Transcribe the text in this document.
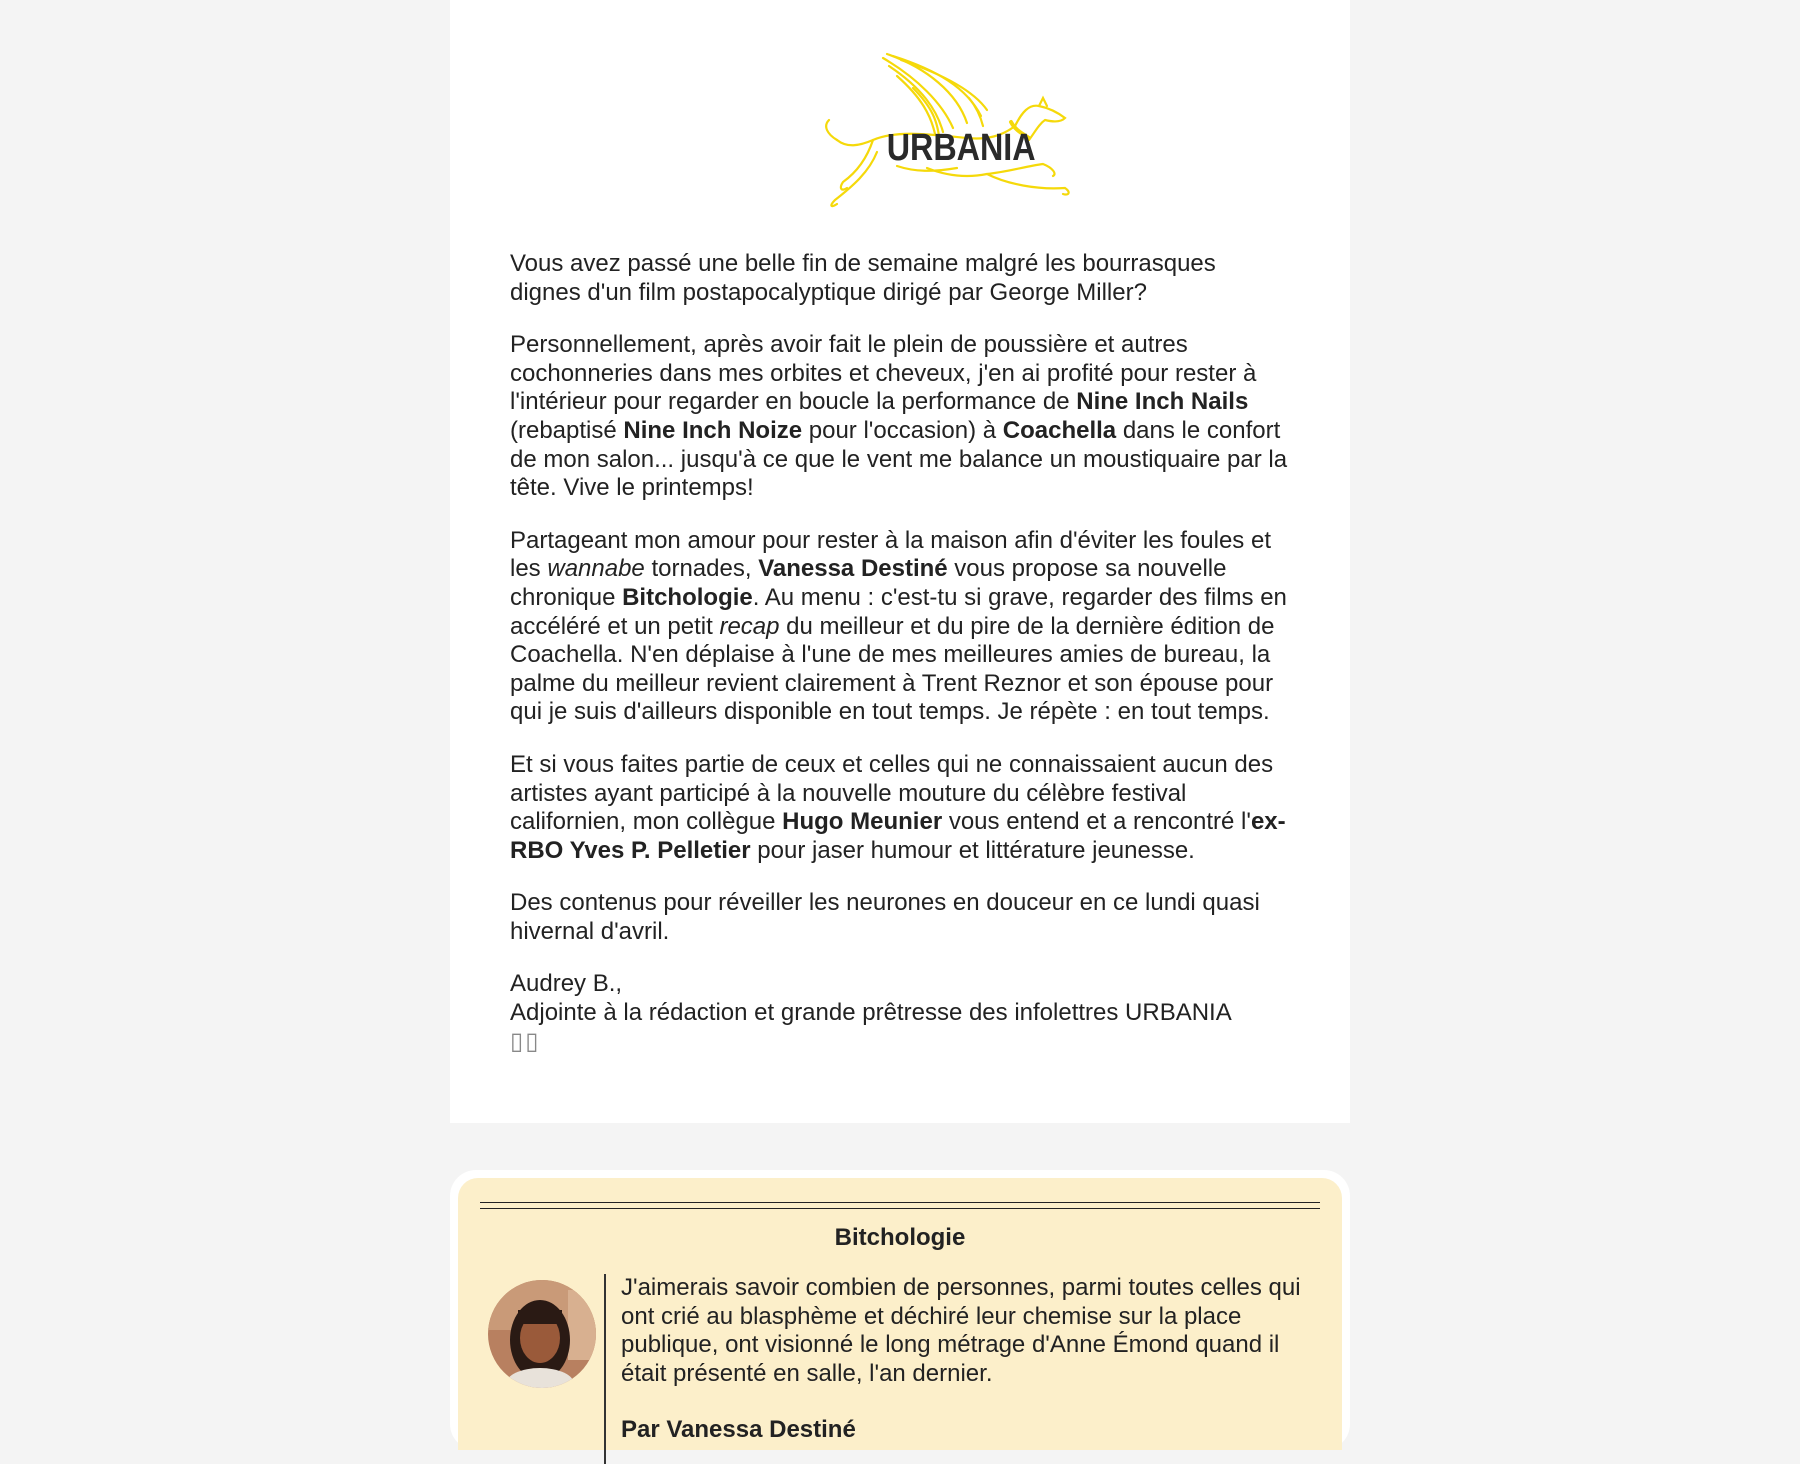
URBANIA

Vous avez passé une belle fin de semaine malgré les bourrasques dignes d'un film postapocalyptique dirigé par George Miller?

Personnellement, après avoir fait le plein de poussière et autres cochonneries dans mes orbites et cheveux, j'en ai profité pour rester à l'intérieur pour regarder en boucle la performance de Nine Inch Nails (rebaptisé Nine Inch Noize pour l'occasion) à Coachella dans le confort de mon salon... jusqu'à ce que le vent me balance un moustiquaire par la tête. Vive le printemps!

Partageant mon amour pour rester à la maison afin d'éviter les foules et les wannabe tornades, Vanessa Destiné vous propose sa nouvelle chronique Bitchologie. Au menu : c'est-tu si grave, regarder des films en accéléré et un petit recap du meilleur et du pire de la dernière édition de Coachella. N'en déplaise à l'une de mes meilleures amies de bureau, la palme du meilleur revient clairement à Trent Reznor et son épouse pour qui je suis d'ailleurs disponible en tout temps. Je répète : en tout temps.

Et si vous faites partie de ceux et celles qui ne connaissaient aucun des artistes ayant participé à la nouvelle mouture du célèbre festival californien, mon collègue Hugo Meunier vous entend et a rencontré l'ex-RBO Yves P. Pelletier pour jaser humour et littérature jeunesse.

Des contenus pour réveiller les neurones en douceur en ce lundi quasi hivernal d'avril.

Audrey B.,
Adjointe à la rédaction et grande prêtresse des infolettres URBANIA
▯▯

Bitchologie
J'aimerais savoir combien de personnes, parmi toutes celles qui ont crié au blasphème et déchiré leur chemise sur la place publique, ont visionné le long métrage d'Anne Émond quand il était présenté en salle, l'an dernier.
Par Vanessa Destiné
